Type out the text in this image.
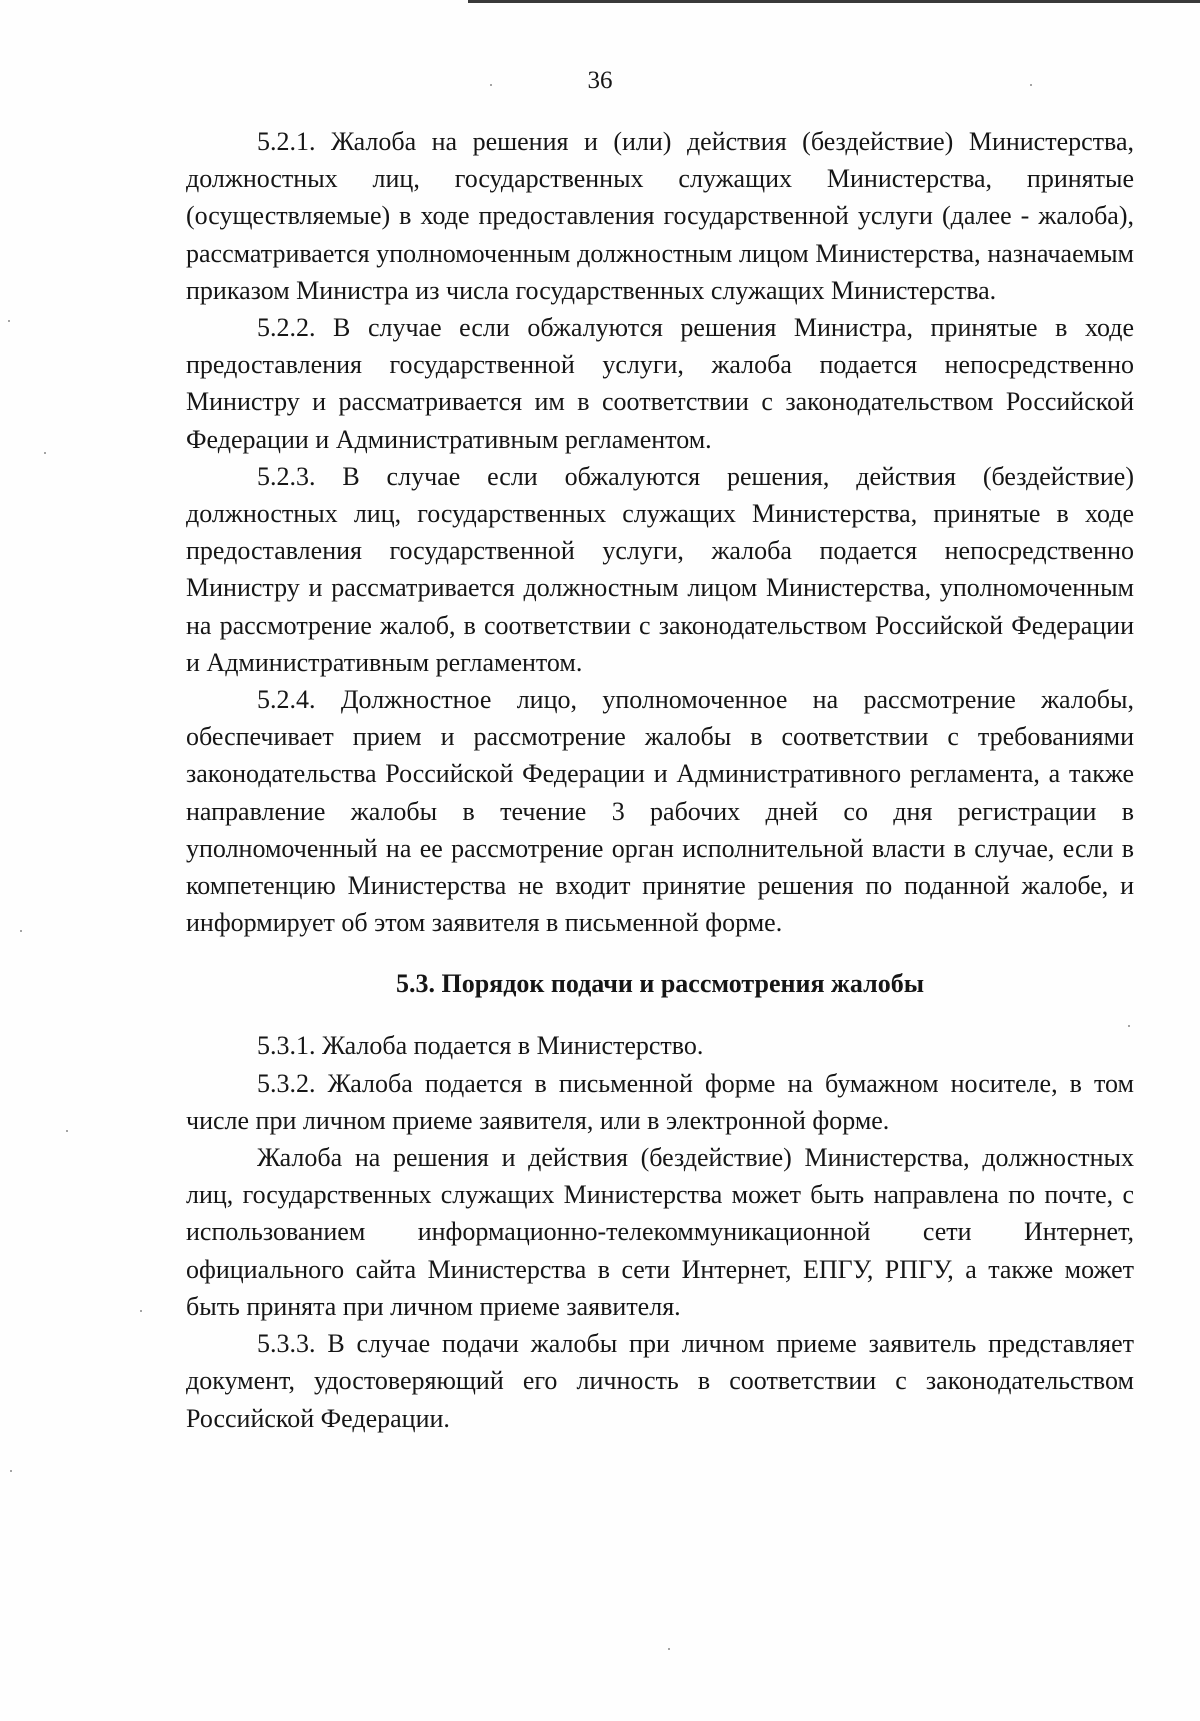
36

5.2.1. Жалоба на решения и (или) действия (бездействие) Министерства, должностных лиц, государственных служащих Министерства, принятые (осуществляемые) в ходе предоставления государственной услуги (далее - жалоба), рассматривается уполномоченным должностным лицом Министерства, назначаемым приказом Министра из числа государственных служащих Министерства.

5.2.2. В случае если обжалуются решения Министра, принятые в ходе предоставления государственной услуги, жалоба подается непосредственно Министру и рассматривается им в соответствии с законодательством Российской Федерации и Административным регламентом.

5.2.3. В случае если обжалуются решения, действия (бездействие) должностных лиц, государственных служащих Министерства, принятые в ходе предоставления государственной услуги, жалоба подается непосредственно Министру и рассматривается должностным лицом Министерства, уполномоченным на рассмотрение жалоб, в соответствии с законодательством Российской Федерации и Административным регламентом.

5.2.4. Должностное лицо, уполномоченное на рассмотрение жалобы, обеспечивает прием и рассмотрение жалобы в соответствии с требованиями законодательства Российской Федерации и Административного регламента, а также направление жалобы в течение 3 рабочих дней со дня регистрации в уполномоченный на ее рассмотрение орган исполнительной власти в случае, если в компетенцию Министерства не входит принятие решения по поданной жалобе, и информирует об этом заявителя в письменной форме.

5.3. Порядок подачи и рассмотрения жалобы

5.3.1. Жалоба подается в Министерство.

5.3.2. Жалоба подается в письменной форме на бумажном носителе, в том числе при личном приеме заявителя, или в электронной форме.

Жалоба на решения и действия (бездействие) Министерства, должностных лиц, государственных служащих Министерства может быть направлена по почте, с использованием информационно-телекоммуникационной сети Интернет, официального сайта Министерства в сети Интернет, ЕПГУ, РПГУ, а также может быть принята при личном приеме заявителя.

5.3.3. В случае подачи жалобы при личном приеме заявитель представляет документ, удостоверяющий его личность в соответствии с законодательством Российской Федерации.
